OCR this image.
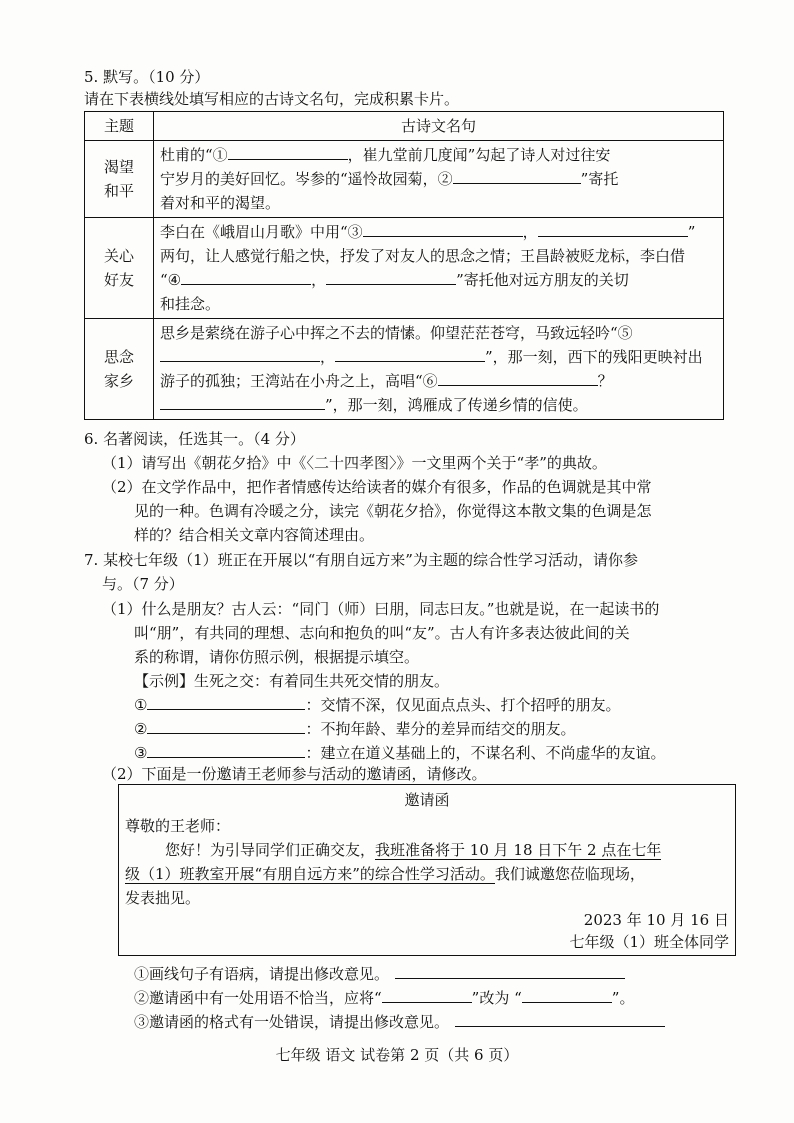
5. 默写。（10 分）
请在下表横线处填写相应的古诗文名句，完成积累卡片。
主题	古诗文名句
渴望
和平	杜甫的“① ，崔九堂前几度闻”勾起了诗人对过往安
宁岁月的美好回忆。岑参的“遥怜故园菊，② ”寄托
着对和平的渴望。
关心
好友	李白在《峨眉山月歌》中用“③ ， ”
两句，让人感觉行船之快，抒发了对友人的思念之情；王昌龄被贬龙标，李白借
“④ ， ”寄托他对远方朋友的关切
和挂念。
思念
家乡	思乡是萦绕在游子心中挥之不去的情愫。仰望茫茫苍穹，马致远轻吟“⑤
， ”，那一刻，西下的残阳更映衬出
游子的孤独；王湾站在小舟之上，高唱“⑥ ？
”，那一刻，鸿雁成了传递乡情的信使。
6. 名著阅读，任选其一。（4 分）
（1）请写出《朝花夕拾》中《〈二十四孝图〉》一文里两个关于“孝”的典故。
（2）在文学作品中，把作者情感传达给读者的媒介有很多，作品的色调就是其中常
见的一种。色调有冷暖之分，读完《朝花夕拾》，你觉得这本散文集的色调是怎
样的？结合相关文章内容简述理由。
7. 某校七年级（1）班正在开展以“有朋自远方来”为主题的综合性学习活动，请你参
与。（7 分）
（1）什么是朋友？古人云：“同门（师）曰朋，同志曰友。”也就是说，在一起读书的
叫“朋”，有共同的理想、志向和抱负的叫“友”。古人有许多表达彼此间的关
系的称谓，请你仿照示例，根据提示填空。
【示例】生死之交：有着同生共死交情的朋友。
①	：交情不深，仅见面点点头、打个招呼的朋友。
②	：不拘年龄、辈分的差异而结交的朋友。
③	：建立在道义基础上的，不谋名利、不尚虚华的友谊。
（2）下面是一份邀请王老师参与活动的邀请函，请修改。
邀请函
尊敬的王老师：
您好！为引导同学们正确交友，我班准备将于 10 月 18 日下午 2 点在七年
级（1）班教室开展“有朋自远方来”的综合性学习活动。我们诚邀您莅临现场，
发表拙见。
2023 年 10 月 16 日
七年级（1）班全体同学
①画线句子有语病，请提出修改意见。
②邀请函中有一处用语不恰当，应将“	”改为 “	”。
③邀请函的格式有一处错误，请提出修改意见。
七年级 语文 试卷第 2 页（共 6 页）
